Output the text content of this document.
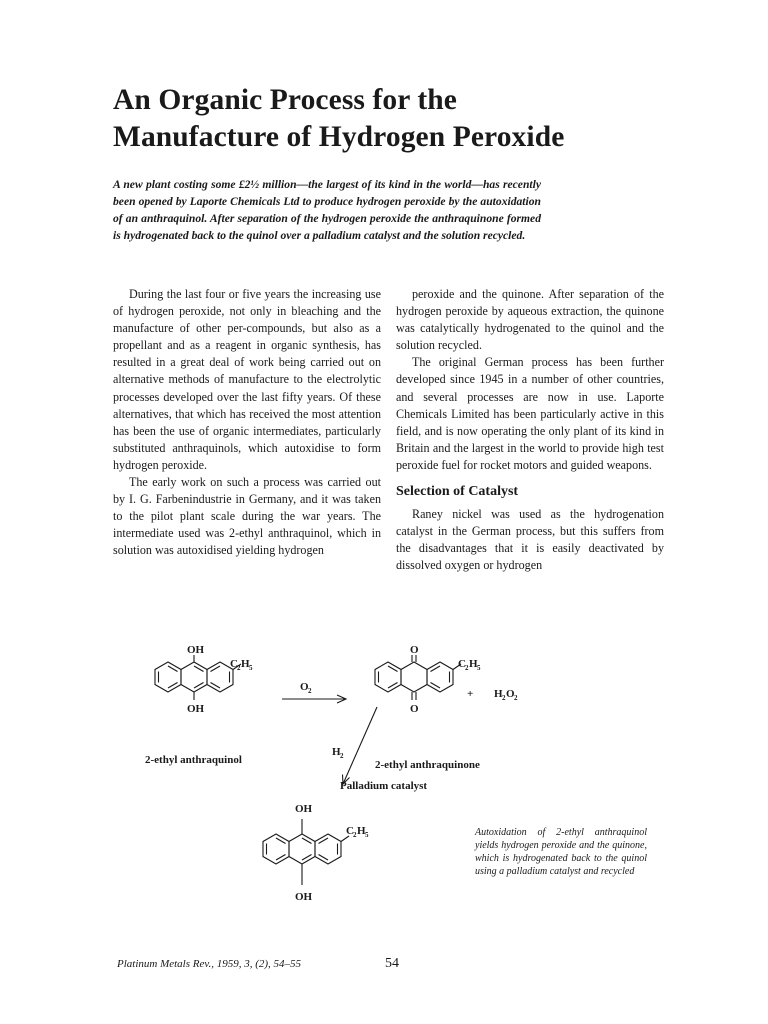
An Organic Process for the
Manufacture of Hydrogen Peroxide

A new plant costing some £2½ million—the largest of its kind in the world—has recently been opened by Laporte Chemicals Ltd to produce hydrogen peroxide by the autoxidation of an anthraquinol. After separation of the hydrogen peroxide the anthraquinone formed is hydrogenated back to the quinol over a palladium catalyst and the solution recycled.

During the last four or five years the increasing use of hydrogen peroxide, not only in bleaching and the manufacture of other per-compounds, but also as a propellant and as a reagent in organic synthesis, has resulted in a great deal of work being carried out on alternative methods of manufacture to the electrolytic processes developed over the last fifty years. Of these alternatives, that which has received the most attention has been the use of organic intermediates, particularly substituted anthraquinols, which autoxidise to form hydrogen peroxide.

The early work on such a process was carried out by I. G. Farbenindustrie in Germany, and it was taken to the pilot plant scale during the war years. The intermediate used was 2-ethyl anthraquinol, which in solution was autoxidised yielding hydrogen

peroxide and the quinone. After separation of the hydrogen peroxide by aqueous extraction, the quinone was catalytically hydrogenated to the quinol and the solution recycled.

The original German process has been further developed since 1945 in a number of other countries, and several processes are now in use. Laporte Chemicals Limited has been particularly active in this field, and is now operating the only plant of its kind in Britain and the largest in the world to provide high test peroxide fuel for rocket motors and guided weapons.

Selection of Catalyst

Raney nickel was used as the hydrogenation catalyst in the German process, but this suffers from the disadvantages that it is easily deactivated by dissolved oxygen or hydrogen

OH
OH
C 2 H 5
2-ethyl anthraquinol
O 2
O
O
C 2 H 5
+ H 2 O 2
2-ethyl anthraquinone
H 2
Palladium catalyst
OH
OH
C 2 H 5	Autoxidation of 2-ethyl anthraquinol yields hydrogen peroxide and the quinone, which is hydrogenated back to the quinol using a palladium catalyst and recycled

Platinum Metals Rev., 1959, 3, (2), 54–55	54
